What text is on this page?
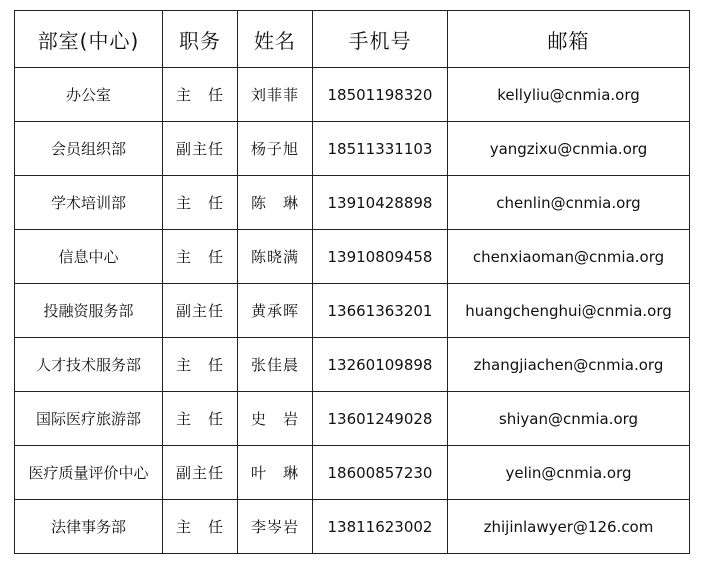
部室(中心)	职务	姓名	手机号	邮箱
办公室	主　任	刘菲菲	18501198320	kellyliu@cnmia.org
会员组织部	副主任	杨子旭	18511331103	yangzixu@cnmia.org
学术培训部	主　任	陈　琳	13910428898	chenlin@cnmia.org
信息中心	主　任	陈晓满	13910809458	chenxiaoman@cnmia.org
投融资服务部	副主任	黄承晖	13661363201	huangchenghui@cnmia.org
人才技术服务部	主　任	张佳晨	13260109898	zhangjiachen@cnmia.org
国际医疗旅游部	主　任	史　岩	13601249028	shiyan@cnmia.org
医疗质量评价中心	副主任	叶　琳	18600857230	yelin@cnmia.org
法律事务部	主　任	李岑岩	13811623002	zhijinlawyer@126.com
